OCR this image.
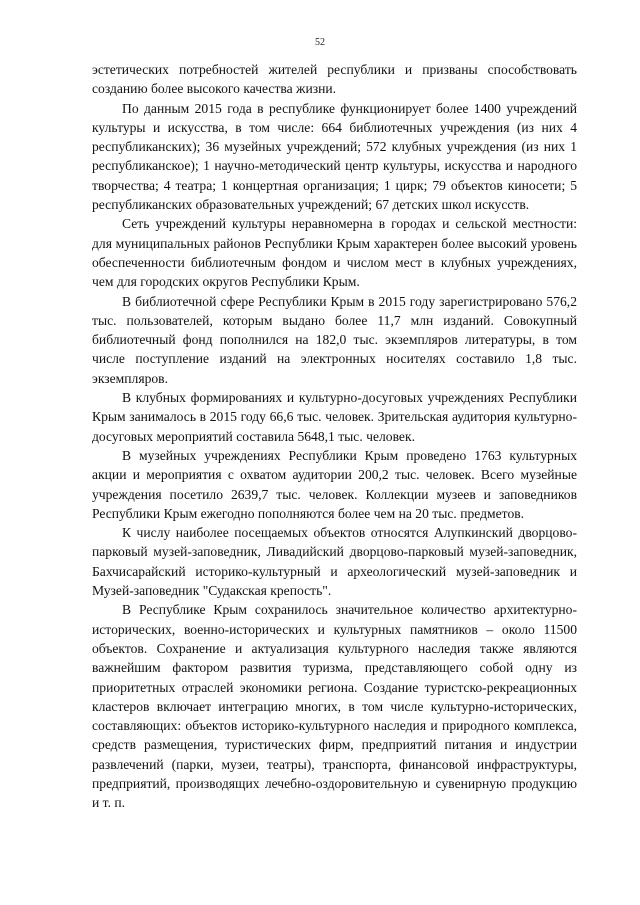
52

эстетических потребностей жителей республики и призваны способствовать созданию более высокого качества жизни.

По данным 2015 года в республике функционирует более 1400 учреждений культуры и искусства, в том числе: 664 библиотечных учреждения (из них 4 республиканских); 36 музейных учреждений; 572 клубных учреждения (из них 1 республиканское); 1 научно-методический центр культуры, искусства и народного творчества; 4 театра; 1 концертная организация; 1 цирк; 79 объектов киносети; 5 республиканских образовательных учреждений; 67 детских школ искусств.

Сеть учреждений культуры неравномерна в городах и сельской местности: для муниципальных районов Республики Крым характерен более высокий уровень обеспеченности библиотечным фондом и числом мест в клубных учреждениях, чем для городских округов Республики Крым.

В библиотечной сфере Республики Крым в 2015 году зарегистрировано 576,2 тыс. пользователей, которым выдано более 11,7 млн изданий. Совокупный библиотечный фонд пополнился на 182,0 тыс. экземпляров литературы, в том числе поступление изданий на электронных носителях составило 1,8 тыс. экземпляров.

В клубных формированиях и культурно-досуговых учреждениях Республики Крым занималось в 2015 году 66,6 тыс. человек. Зрительская аудитория культурно-досуговых мероприятий составила 5648,1 тыс. человек.

В музейных учреждениях Республики Крым проведено 1763 культурных акции и мероприятия с охватом аудитории 200,2 тыс. человек. Всего музейные учреждения посетило 2639,7 тыс. человек. Коллекции музеев и заповедников Республики Крым ежегодно пополняются более чем на 20 тыс. предметов.

К числу наиболее посещаемых объектов относятся Алупкинский дворцово-парковый музей-заповедник, Ливадийский дворцово-парковый музей-заповедник, Бахчисарайский историко-культурный и археологический музей-заповедник и Музей-заповедник "Судакская крепость".

В Республике Крым сохранилось значительное количество архитектурно-исторических, военно-исторических и культурных памятников – около 11500 объектов. Сохранение и актуализация культурного наследия также являются важнейшим фактором развития туризма, представляющего собой одну из приоритетных отраслей экономики региона. Создание туристско-рекреационных кластеров включает интеграцию многих, в том числе культурно-исторических, составляющих: объектов историко-культурного наследия и природного комплекса, средств размещения, туристических фирм, предприятий питания и индустрии развлечений (парки, музеи, театры), транспорта, финансовой инфраструктуры, предприятий, производящих лечебно-оздоровительную и сувенирную продукцию и т. п.
